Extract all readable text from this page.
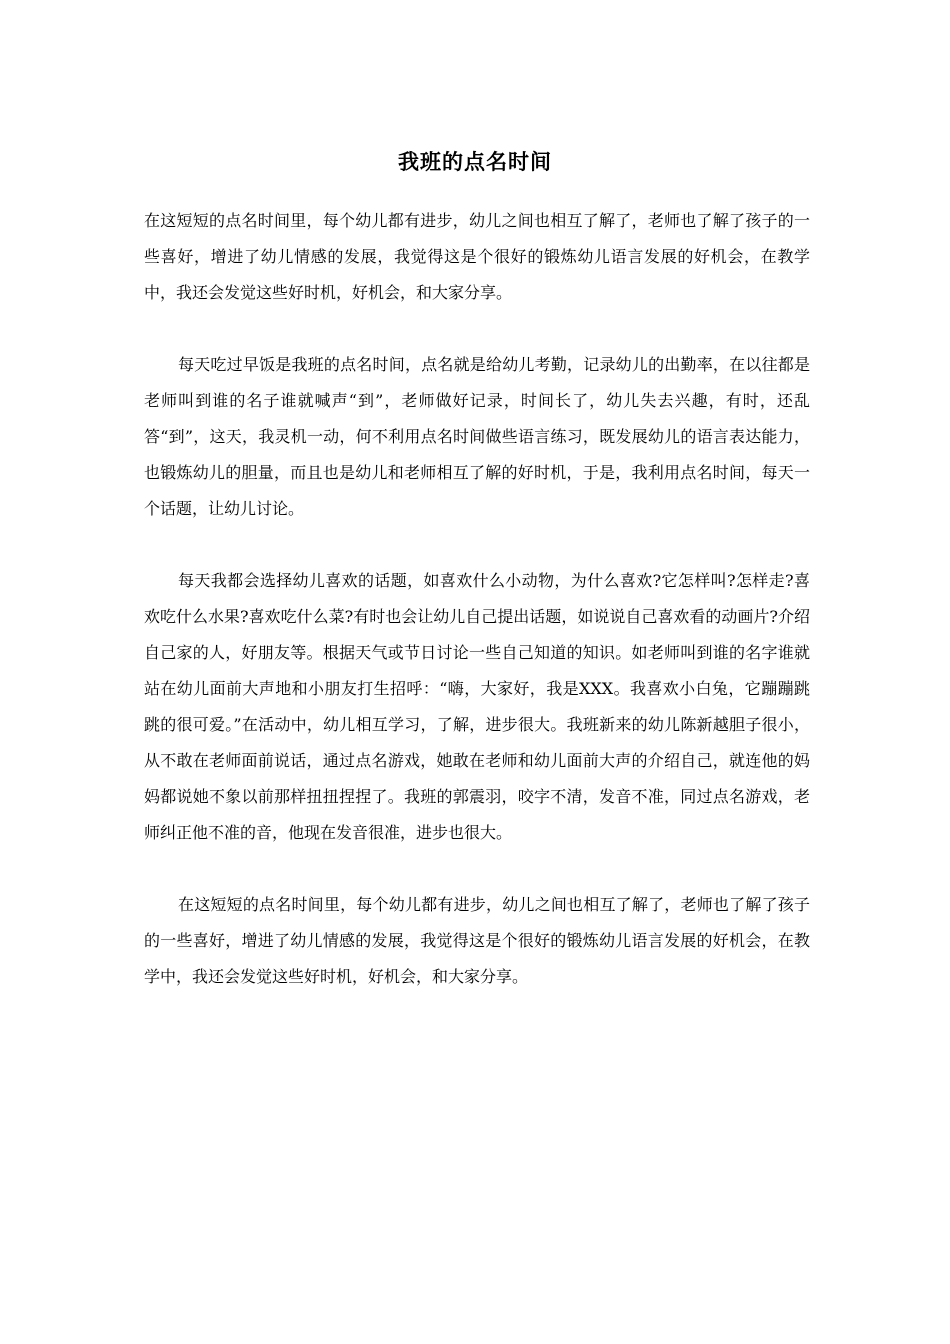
我班的点名时间

在这短短的点名时间里，每个幼儿都有进步，幼儿之间也相互了解了，老师也了解了孩子的一些喜好，增进了幼儿情感的发展，我觉得这是个很好的锻炼幼儿语言发展的好机会，在教学中，我还会发觉这些好时机，好机会，和大家分享。

每天吃过早饭是我班的点名时间，点名就是给幼儿考勤，记录幼儿的出勤率，在以往都是老师叫到谁的名子谁就喊声“到”，老师做好记录，时间长了，幼儿失去兴趣，有时，还乱答“到”，这天，我灵机一动，何不利用点名时间做些语言练习，既发展幼儿的语言表达能力，也锻炼幼儿的胆量，而且也是幼儿和老师相互了解的好时机，于是，我利用点名时间，每天一个话题，让幼儿讨论。

每天我都会选择幼儿喜欢的话题，如喜欢什么小动物，为什么喜欢?它怎样叫?怎样走?喜欢吃什么水果?喜欢吃什么菜?有时也会让幼儿自己提出话题，如说说自己喜欢看的动画片?介绍自己家的人，好朋友等。根据天气或节日讨论一些自己知道的知识。如老师叫到谁的名字谁就站在幼儿面前大声地和小朋友打生招呼：“嗨，大家好，我是XXX。我喜欢小白兔，它蹦蹦跳跳的很可爱。”在活动中，幼儿相互学习，了解，进步很大。我班新来的幼儿陈新越胆子很小，从不敢在老师面前说话，通过点名游戏，她敢在老师和幼儿面前大声的介绍自己，就连他的妈妈都说她不象以前那样扭扭捏捏了。我班的郭震羽，咬字不清，发音不准，同过点名游戏，老师纠正他不准的音，他现在发音很准，进步也很大。

在这短短的点名时间里，每个幼儿都有进步，幼儿之间也相互了解了，老师也了解了孩子的一些喜好，增进了幼儿情感的发展，我觉得这是个很好的锻炼幼儿语言发展的好机会，在教学中，我还会发觉这些好时机，好机会，和大家分享。
